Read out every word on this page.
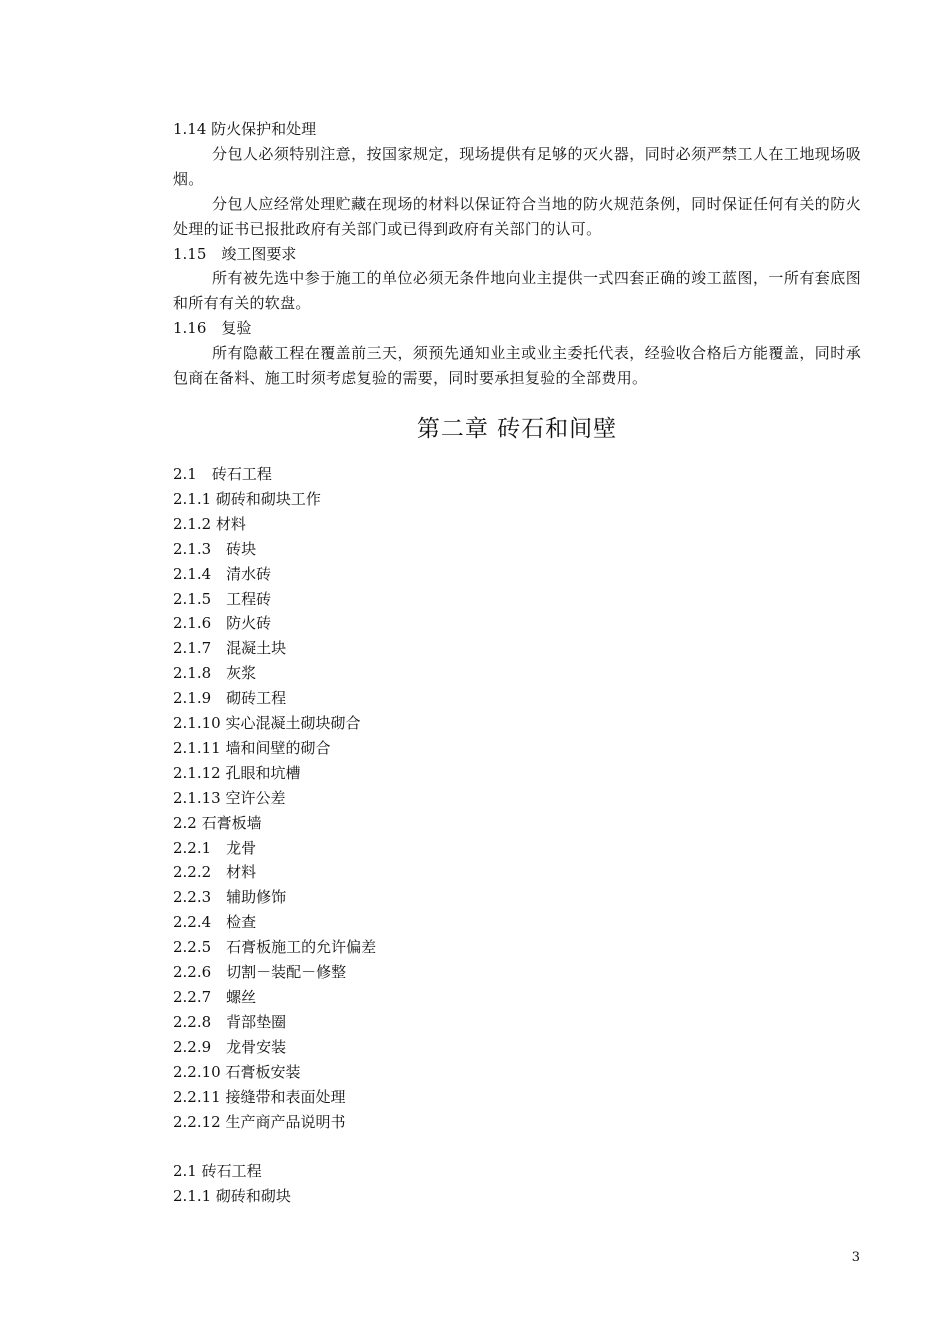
1.14 防火保护和处理
分包人必须特别注意，按国家规定，现场提供有足够的灭火器，同时必须严禁工人在工地现场吸烟。
分包人应经常处理贮藏在现场的材料以保证符合当地的防火规范条例，同时保证任何有关的防火处理的证书已报批政府有关部门或已得到政府有关部门的认可。
1.15　竣工图要求
所有被先选中参于施工的单位必须无条件地向业主提供一式四套正确的竣工蓝图，一所有套底图和所有有关的软盘。
1.16　复验
所有隐蔽工程在覆盖前三天，须预先通知业主或业主委托代表，经验收合格后方能覆盖，同时承包商在备料、施工时须考虑复验的需要，同时要承担复验的全部费用。
第二章 砖石和间壁
2.1　砖石工程
2.1.1 砌砖和砌块工作
2.1.2 材料
2.1.3　砖块
2.1.4　清水砖
2.1.5　工程砖
2.1.6　防火砖
2.1.7　混凝土块
2.1.8　灰浆
2.1.9　砌砖工程
2.1.10 实心混凝土砌块砌合
2.1.11 墙和间壁的砌合
2.1.12 孔眼和坑槽
2.1.13 空许公差
2.2 石膏板墙
2.2.1　龙骨
2.2.2　材料
2.2.3　辅助修饰
2.2.4　检查
2.2.5　石膏板施工的允许偏差
2.2.6　切割－装配－修整
2.2.7　螺丝
2.2.8　背部垫圈
2.2.9　龙骨安装
2.2.10 石膏板安装
2.2.11 接缝带和表面处理
2.2.12 生产商产品说明书
2.1 砖石工程
2.1.1 砌砖和砌块
3
